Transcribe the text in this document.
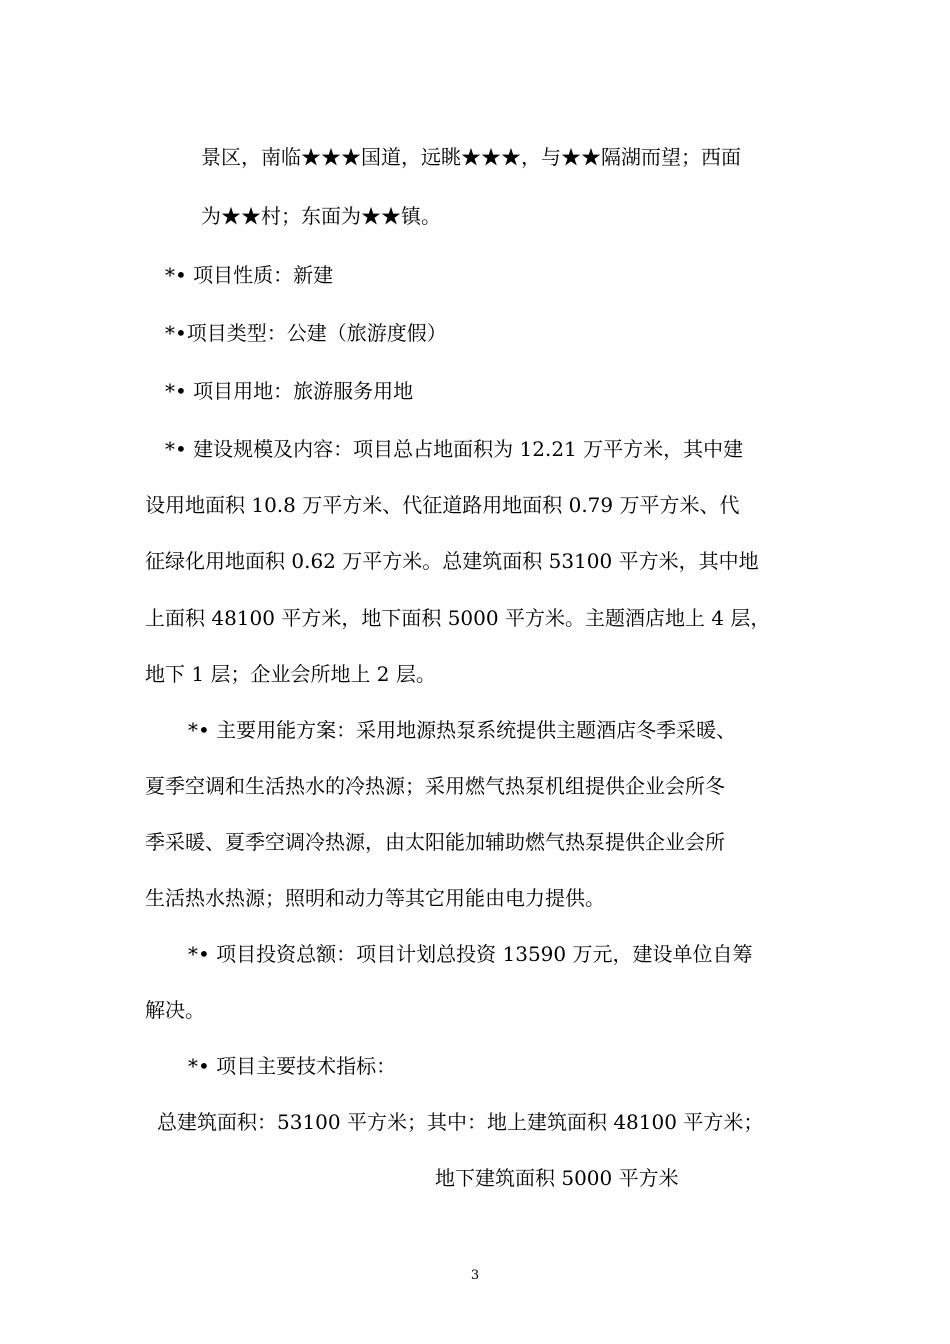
景区，南临★★★国道，远眺★★★，与★★隔湖而望；西面
为★★村；东面为★★镇。
*• 项目性质：新建
*•项目类型：公建（旅游度假）
*• 项目用地：旅游服务用地
*• 建设规模及内容：项目总占地面积为 12.21 万平方米，其中建
设用地面积 10.8 万平方米、代征道路用地面积 0.79 万平方米、代
征绿化用地面积 0.62 万平方米。总建筑面积 53100 平方米，其中地
上面积 48100 平方米，地下面积 5000 平方米。主题酒店地上 4 层，
地下 1 层；企业会所地上 2 层。
*• 主要用能方案：采用地源热泵系统提供主题酒店冬季采暖、
夏季空调和生活热水的冷热源；采用燃气热泵机组提供企业会所冬
季采暖、夏季空调冷热源，由太阳能加辅助燃气热泵提供企业会所
生活热水热源；照明和动力等其它用能由电力提供。
*• 项目投资总额：项目计划总投资 13590 万元，建设单位自筹
解决。
*• 项目主要技术指标：
总建筑面积：53100 平方米；其中：地上建筑面积 48100 平方米；
地下建筑面积 5000 平方米
3
